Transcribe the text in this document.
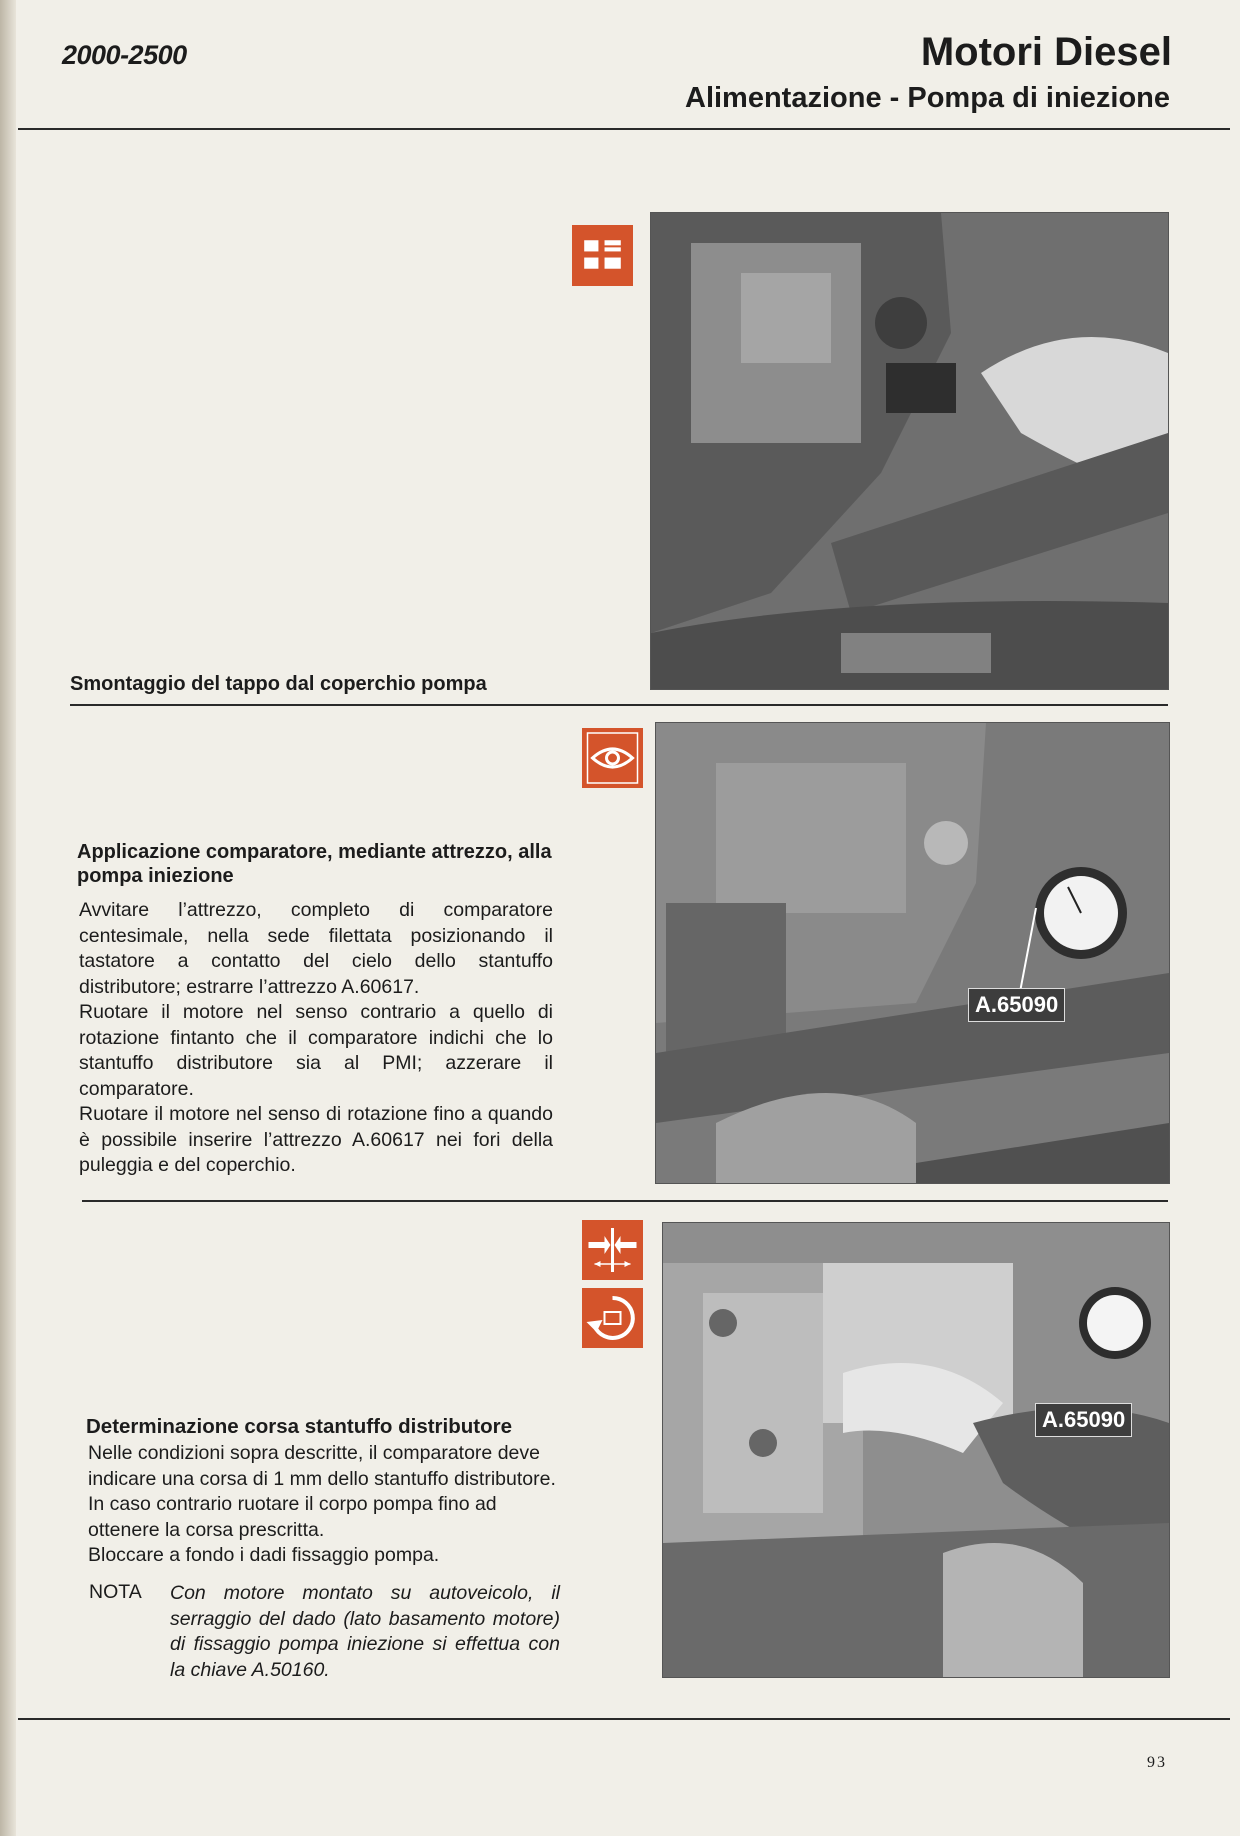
2000-2500	Motori Diesel
Alimentazione - Pompa di iniezione
Smontaggio del tappo dal coperchio pompa
A.65090
Applicazione comparatore, mediante attrezzo, alla pompa iniezione

Avvitare l’attrezzo, completo di comparatore centesimale, nella sede filettata posizionando il tastatore a contatto del cielo dello stantuffo distributore; estrarre l’attrezzo A.60617.

Ruotare il motore nel senso contrario a quello di rotazione fintanto che il comparatore indichi che lo stantuffo distributore sia al PMI; azzerare il comparatore.

Ruotare il motore nel senso di rotazione fino a quando è possibile inserire l’attrezzo A.60617 nei fori della puleggia e del coperchio.

A.65090
Determinazione corsa stantuffo distributore

Nelle condizioni sopra descritte, il comparatore deve indicare una corsa di 1 mm dello stantuffo distributore. In caso contrario ruotare il corpo pompa fino ad ottenere la corsa prescritta.

Bloccare a fondo i dadi fissaggio pompa.

NOTA Con motore montato su autoveicolo, il serraggio del dado (lato basamento motore) di fissaggio pompa iniezione si effettua con la chiave A.50160.
93
